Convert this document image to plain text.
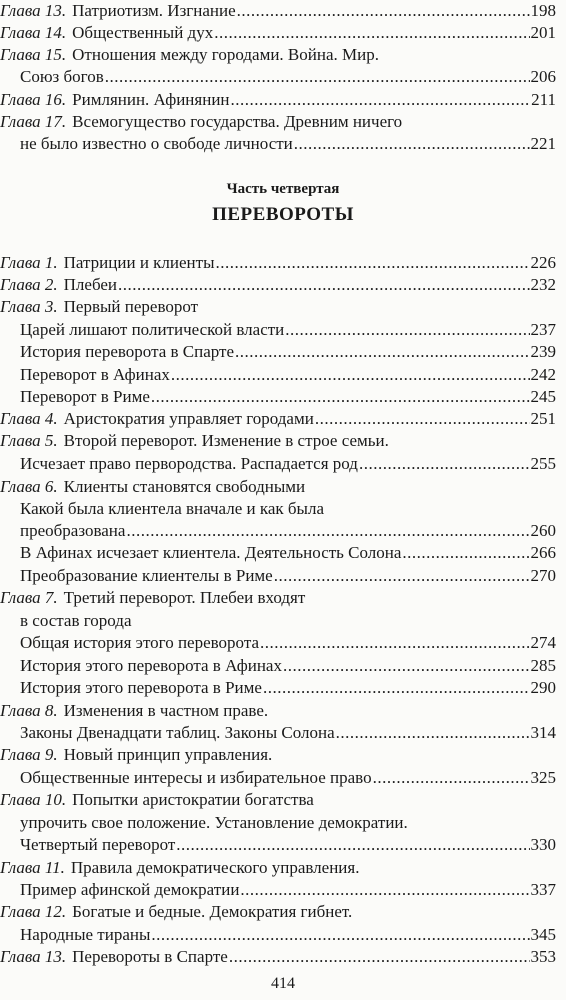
Глава 13. Патриотизм. Изгнание .....	198
Глава 14. Общественный дух .....	201
Глава 15. Отношения между городами. Война. Мир.
Союз богов .....	206
Глава 16. Римлянин. Афинянин .....	211
Глава 17. Всемогущество государства. Древним ничего
не было известно о свободе личности .....	221
Глава 1. Патриции и клиенты .....	226
Глава 2. Плебеи .....	232
Глава 3. Первый переворот
Царей лишают политической власти .....	237
История переворота в Спарте .....	239
Переворот в Афинах .....	242
Переворот в Риме .....	245
Глава 4. Аристократия управляет городами .....	251
Глава 5. Второй переворот. Изменение в строе семьи.
Исчезает право первородства. Распадается род .....	255
Глава 6. Клиенты становятся свободными
Какой была клиентела вначале и как была
преобразована .....	260
В Афинах исчезает клиентела. Деятельность Солона .....	266
Преобразование клиентелы в Риме .....	270
Глава 7. Третий переворот. Плебеи входят
в состав города
Общая история этого переворота .....	274
История этого переворота в Афинах .....	285
История этого переворота в Риме .....	290
Глава 8. Изменения в частном праве.
Законы Двенадцати таблиц. Законы Солона .....	314
Глава 9. Новый принцип управления.
Общественные интересы и избирательное право .....	325
Глава 10. Попытки аристократии богатства
упрочить свое положение. Установление демократии.
Четвертый переворот .....	330
Глава 11. Правила демократического управления.
Пример афинской демократии .....	337
Глава 12. Богатые и бедные. Демократия гибнет.
Народные тираны .....	345
Глава 13. Перевороты в Спарте .....	353
Часть четвертая
ПЕРЕВОРОТЫ
414
